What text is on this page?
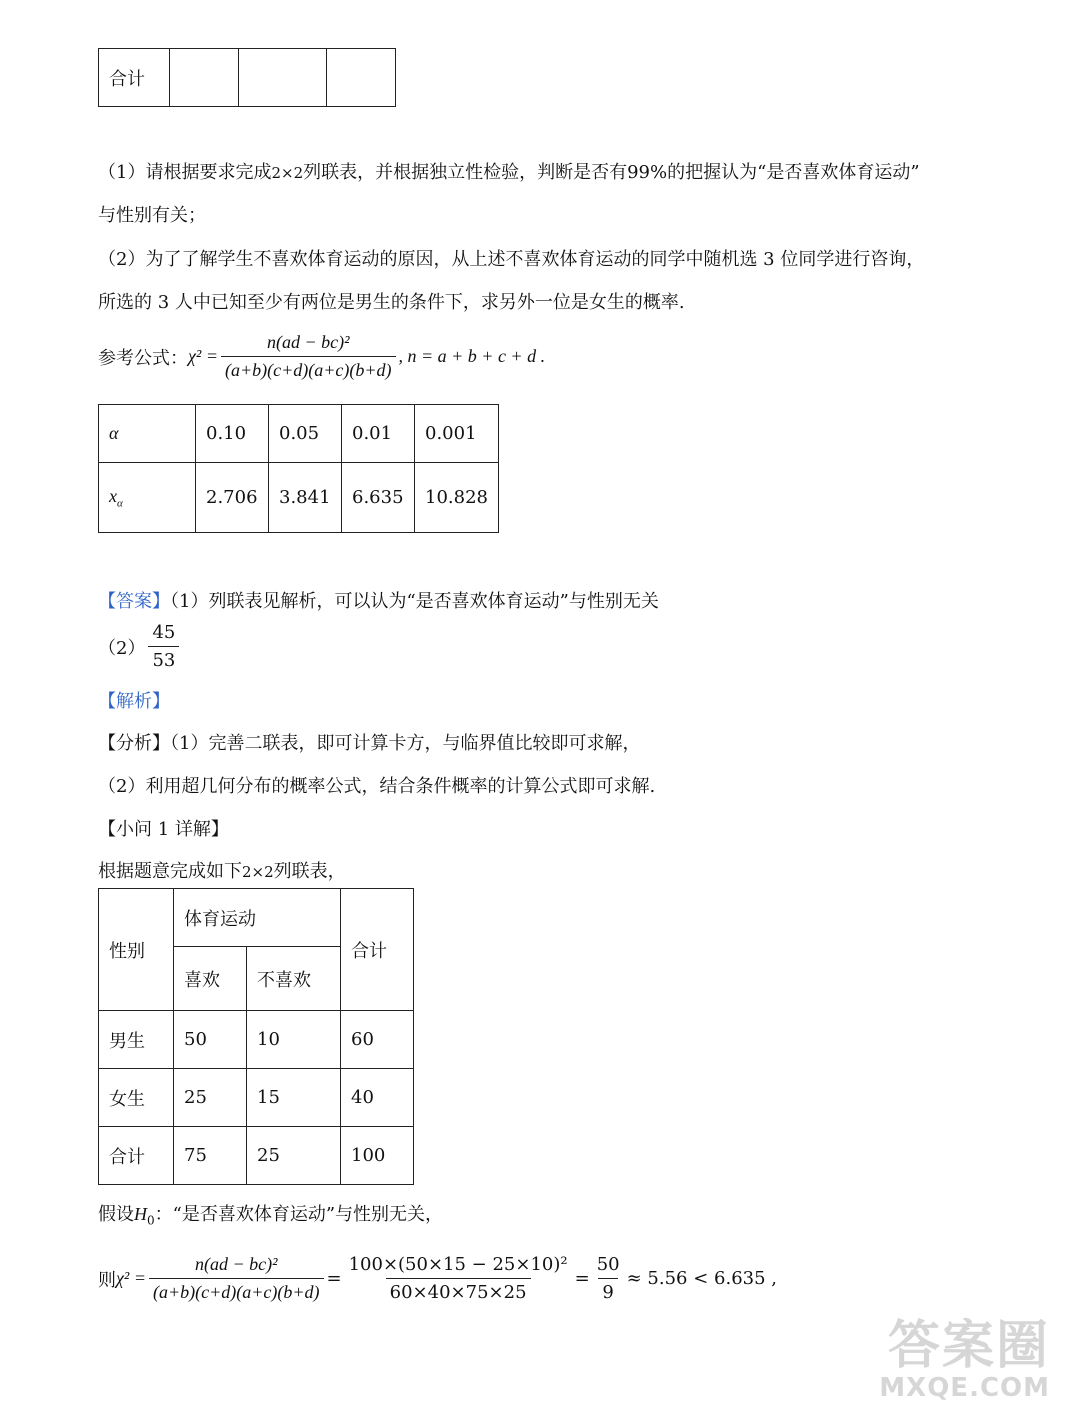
合计			
（1）请根据要求完成2×2列联表，并根据独立性检验，判断是否有99%的把握认为“是否喜欢体育运动”
与性别有关；
（2）为了了解学生不喜欢体育运动的原因，从上述不喜欢体育运动的同学中随机选 3 位同学进行咨询，
所选的 3 人中已知至少有两位是男生的条件下，求另外一位是女生的概率.
参考公式： $\chi^2 = \frac{\text{n(ad − bc)²}}{(a+b)(c+d)(a+c)(b+d)}$ , n = a + b + c + d .
α	0.10	0.05	0.01	0.001
$x_\alpha$	2.706	3.841	6.635	10.828
【答案】（1）列联表见解析，可以认为“是否喜欢体育运动”与性别无关
$(2) \frac{45}{53}$
【解析】
【分析】（1）完善二联表，即可计算卡方，与临界值比较即可求解，
（2）利用超几何分布的概率公式，结合条件概率的计算公式即可求解.
【小问 1 详解】
根据题意完成如下2×2列联表，
性别	体育运动		合计
	喜欢	不喜欢	
男生	50	10	60
女生	25	15	40
合计	75	25	100
假设$H_0$：“是否喜欢体育运动”与性别无关，
则 $\chi^2 = \frac{\text{n(ad − bc)²}}{(a+b)(c+d)(a+c)(b+d)} = \frac{\text{100×(50×15 − 25×10)²}}{60\times 40\times 75\times 25} = \frac{50}{9} \approx 5.56 < 6.635$ ,
答案圈
MXQE.COM
